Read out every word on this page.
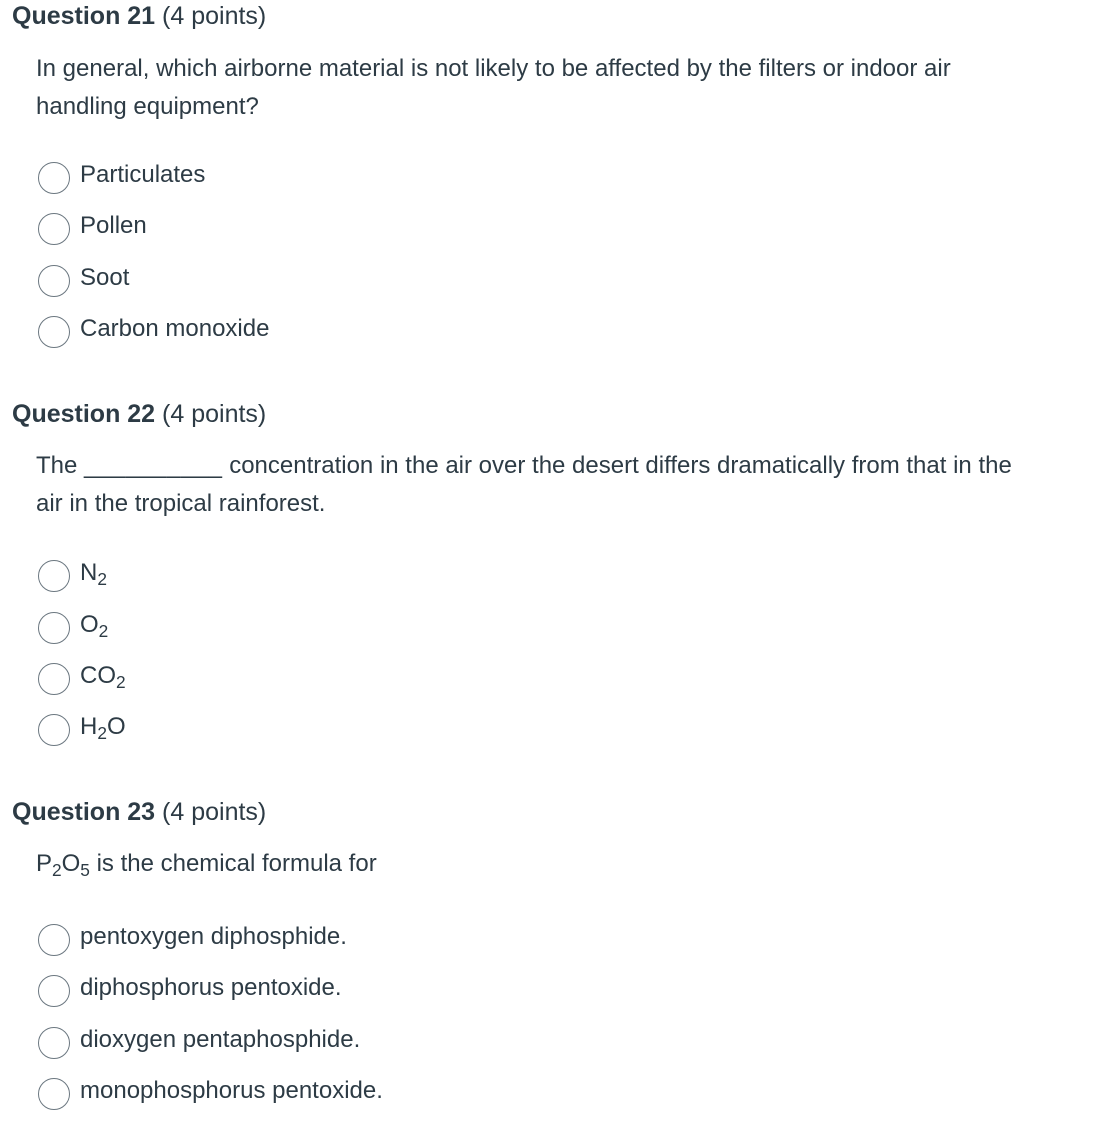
Question 21 (4 points)

In general, which airborne material is not likely to be affected by the filters or indoor air handling equipment?

Particulates
Pollen
Soot
Carbon monoxide
Question 22 (4 points)

The __________ concentration in the air over the desert differs dramatically from that in the air in the tropical rainforest.

$N_2$
$O_2$
$CO_2$
$H_2O$
Question 23 (4 points)

$P_2O_5$ is the chemical formula for

pentoxygen diphosphide.
diphosphorus pentoxide.
dioxygen pentaphosphide.
monophosphorus pentoxide.
